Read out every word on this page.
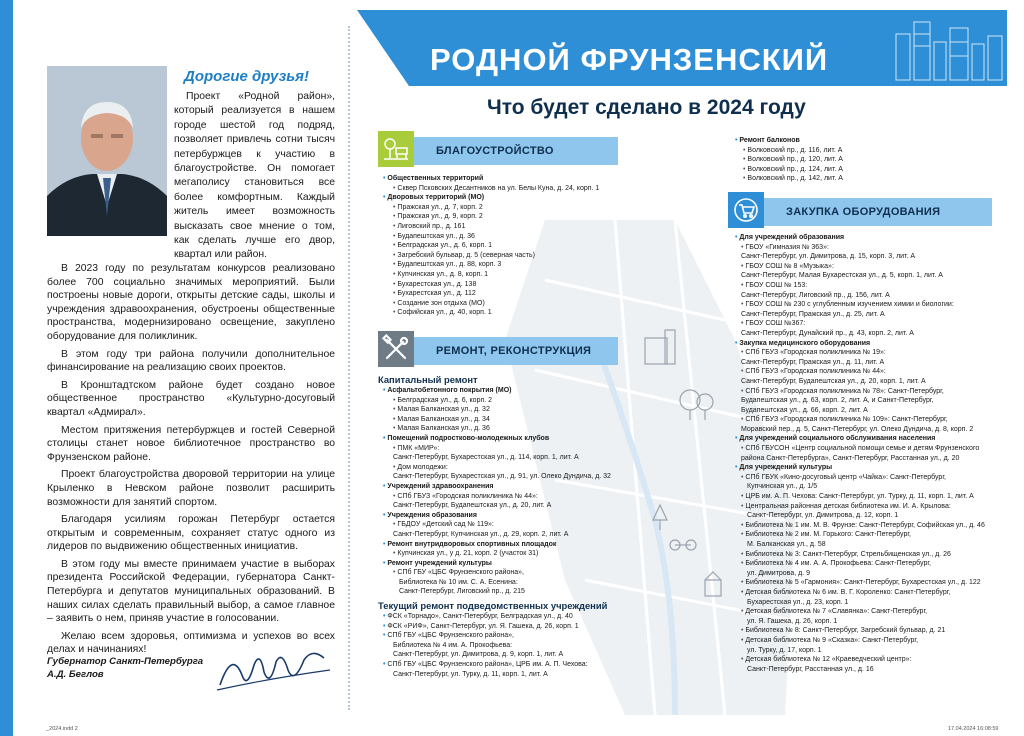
Дорогие друзья!
Проект «Родной район», который реализуется в нашем городе шестой год подряд, позволяет привлечь сотни тысяч петербуржцев к участию в благоустройстве. Он помогает мегаполису становиться все более комфортным. Каждый житель имеет возможность высказать свое мнение о том, как сделать лучше его двор, квартал или район.

В 2023 году по результатам конкурсов реализовано более 700 социально значимых мероприятий. Были построены новые дороги, открыты детские сады, школы и учреждения здравоохранения, обустроены общественные пространства, модернизировано освещение, закуплено оборудование для поликлиник.

В этом году три района получили дополнительное финансирование на реализацию своих проектов.

В Кронштадтском районе будет создано новое общественное пространство «Культурно-досуговый квартал «Адмирал».

Местом притяжения петербуржцев и гостей Северной столицы станет новое библиотечное пространство во Фрунзенском районе.

Проект благоустройства дворовой территории на улице Крыленко в Невском районе позволит расширить возможности для занятий спортом.

Благодаря усилиям горожан Петербург остается открытым и современным, сохраняет статус одного из лидеров по выдвижению общественных инициатив.

В этом году мы вместе принимаем участие в выборах президента Российской Федерации, губернатора Санкт-Петербурга и депутатов муниципальных образований. В наших силах сделать правильный выбор, а самое главное – заявить о нем, приняв участие в голосовании.

Желаю всем здоровья, оптимизма и успехов во всех делах и начинаниях!

Губернатор Санкт-Петербурга
А.Д. Беглов
РОДНОЙ ФРУНЗЕНСКИЙ
Что будет сделано в 2024 году
БЛАГОУСТРОЙСТВО
• Общественных территорий
• Сквер Псковских Десантников на ул. Белы Куна, д. 24, корп. 1
• Дворовых территорий (МО)
• Пражская ул., д. 7, корп. 2
• Пражская ул., д. 9, корп. 2
• Лиговский пр., д. 161
• Будапештская ул., д. 36
• Белградская ул., д. 6, корп. 1
• Загребский бульвар, д. 5 (северная часть)
• Будапештская ул., д. 88, корп. 3
• Купчинская ул., д. 8, корп. 1
• Бухарестская ул., д. 138
• Бухарестская ул., д. 112
• Создание зон отдыха (МО)
• Софийская ул., д. 40, корп. 1
РЕМОНТ, РЕКОНСТРУКЦИЯ
Капитальный ремонт
• Асфальтобетонного покрытия (МО)
• Белградская ул., д. 6, корп. 2
• Малая Балканская ул., д. 32
• Малая Балканская ул., д. 34
• Малая Балканская ул., д. 36
• Помещений подростково-молодежных клубов
• ПМК «МИР»:
Санкт-Петербург, Бухарестская ул., д. 114, корп. 1, лит. А
• Дом молодежи:
Санкт-Петербург, Бухарестская ул., д. 91, ул. Олеко Дундича, д. 32
• Учреждений здравоохранения
• СПб ГБУЗ «Городская поликлиника № 44»:
Санкт-Петербург, Будапештская ул., д. 20, лит. А
• Учреждения образования
• ГБДОУ «Детский сад № 119»:
Санкт-Петербург, Купчинская ул., д. 29, корп. 2, лит. А
• Ремонт внутридворовых спортивных площадок
• Купчинская ул., у д. 21, корп. 2 (участок 31)
• Ремонт учреждений культуры
• СПб ГБУ «ЦБС Фрунзенского района»,
Библиотека № 10 им. С. А. Есенина:
Санкт-Петербург, Лиговский пр., д. 215
Текущий ремонт подведомственных учреждений
• ФСК «Торнадо», Санкт-Петербург, Белградская ул., д. 40
• ФСК «РИФ», Санкт-Петербург, ул. Я. Гашека, д. 26, корп. 1
• СПб ГБУ «ЦБС Фрунзенского района»,
Библиотека № 4 им. А. Прокофьева:
Санкт-Петербург, ул. Димитрова, д. 9, корп. 1, лит. А
• СПб ГБУ «ЦБС Фрунзенского района», ЦРБ им. А. П. Чехова:
Санкт-Петербург, ул. Турку, д. 11, корп. 1, лит. А
• Ремонт балконов
• Волковский пр., д. 116, лит. А
• Волковский пр., д. 120, лит. А
• Волковский пр., д. 124, лит. А
• Волковский пр., д. 142, лит. А
ЗАКУПКА ОБОРУДОВАНИЯ
• Для учреждений образования
• ГБОУ «Гимназия № 363»:
Санкт-Петербург, ул. Димитрова, д. 15, корп. 3, лит. А
• ГБОУ СОШ № 8 «Музыка»:
Санкт-Петербург, Малая Бухарестская ул., д. 5, корп. 1, лит. А
• ГБОУ СОШ № 153:
Санкт-Петербург, Лиговский пр., д. 156, лит. А
• ГБОУ СОШ № 230 с углубленным изучением химии и биологии:
Санкт-Петербург, Пражская ул., д. 25, лит. А
• ГБОУ СОШ №367:
Санкт-Петербург, Дунайский пр., д. 43, корп. 2, лит. А
• Закупка медицинского оборудования
• СПб ГБУЗ «Городская поликлиника № 19»:
Санкт-Петербург, Пражская ул., д. 11, лит. А
• СПб ГБУЗ «Городская поликлиника № 44»:
Санкт-Петербург, Будапештская ул., д. 20, корп. 1, лит. А
• СПб ГБУЗ «Городская поликлиника № 78»: Санкт-Петербург,
Будапештская ул., д. 63, корп. 2, лит. А, и Санкт-Петербург,
Будапештская ул., д. 66, корп. 2, лит. А
• СПб ГБУЗ «Городская поликлиника № 109»: Санкт-Петербург,
Моравский пер., д. 5, Санкт-Петербург, ул. Олеко Дундича, д. 8, корп. 2
• Для учреждений социального обслуживания населения
• СПб ГБУСОН «Центр социальной помощи семье и детям Фрунзенского
района Санкт-Петербурга», Санкт-Петербург, Расстанная ул., д. 20
• Для учреждений культуры
• СПб ГБУК «Кино-досуговый центр «Чайка»: Санкт-Петербург,
Купчинская ул., д. 1/5
• ЦРБ им. А. П. Чехова: Санкт-Петербург, ул. Турку, д. 11, корп. 1, лит. А
• Центральная районная детская библиотека им. И. А. Крылова:
Санкт-Петербург, ул. Димитрова, д. 12, корп. 1
• Библиотека № 1 им. М. В. Фрунзе: Санкт-Петербург, Софийская ул., д. 46
• Библиотека № 2 им. М. Горького: Санкт-Петербург,
М. Балканская ул., д. 58
• Библиотека № 3: Санкт-Петербург, Стрельбищенская ул., д. 26
• Библиотека № 4 им. А. А. Прокофьева: Санкт-Петербург,
ул. Димитрова, д. 9
• Библиотека № 5 «Гармония»: Санкт-Петербург, Бухарестская ул., д. 122
• Детская библиотека № 6 им. В. Г. Короленко: Санкт-Петербург,
Бухарестская ул., д. 23, корп. 1
• Детская библиотека № 7 «Славянка»: Санкт-Петербург,
ул. Я. Гашека, д. 26, корп. 1
• Библиотека № 8: Санкт-Петербург, Загребский бульвар, д. 21
• Детская библиотека № 9 «Сказка»: Санкт-Петербург,
ул. Турку, д. 17, корп. 1
• Детская библиотека № 12 «Краеведческий центр»:
Санкт-Петербург, Расстанная ул., д. 16
_2024.indd 2	17.04.2024 16:08:59
